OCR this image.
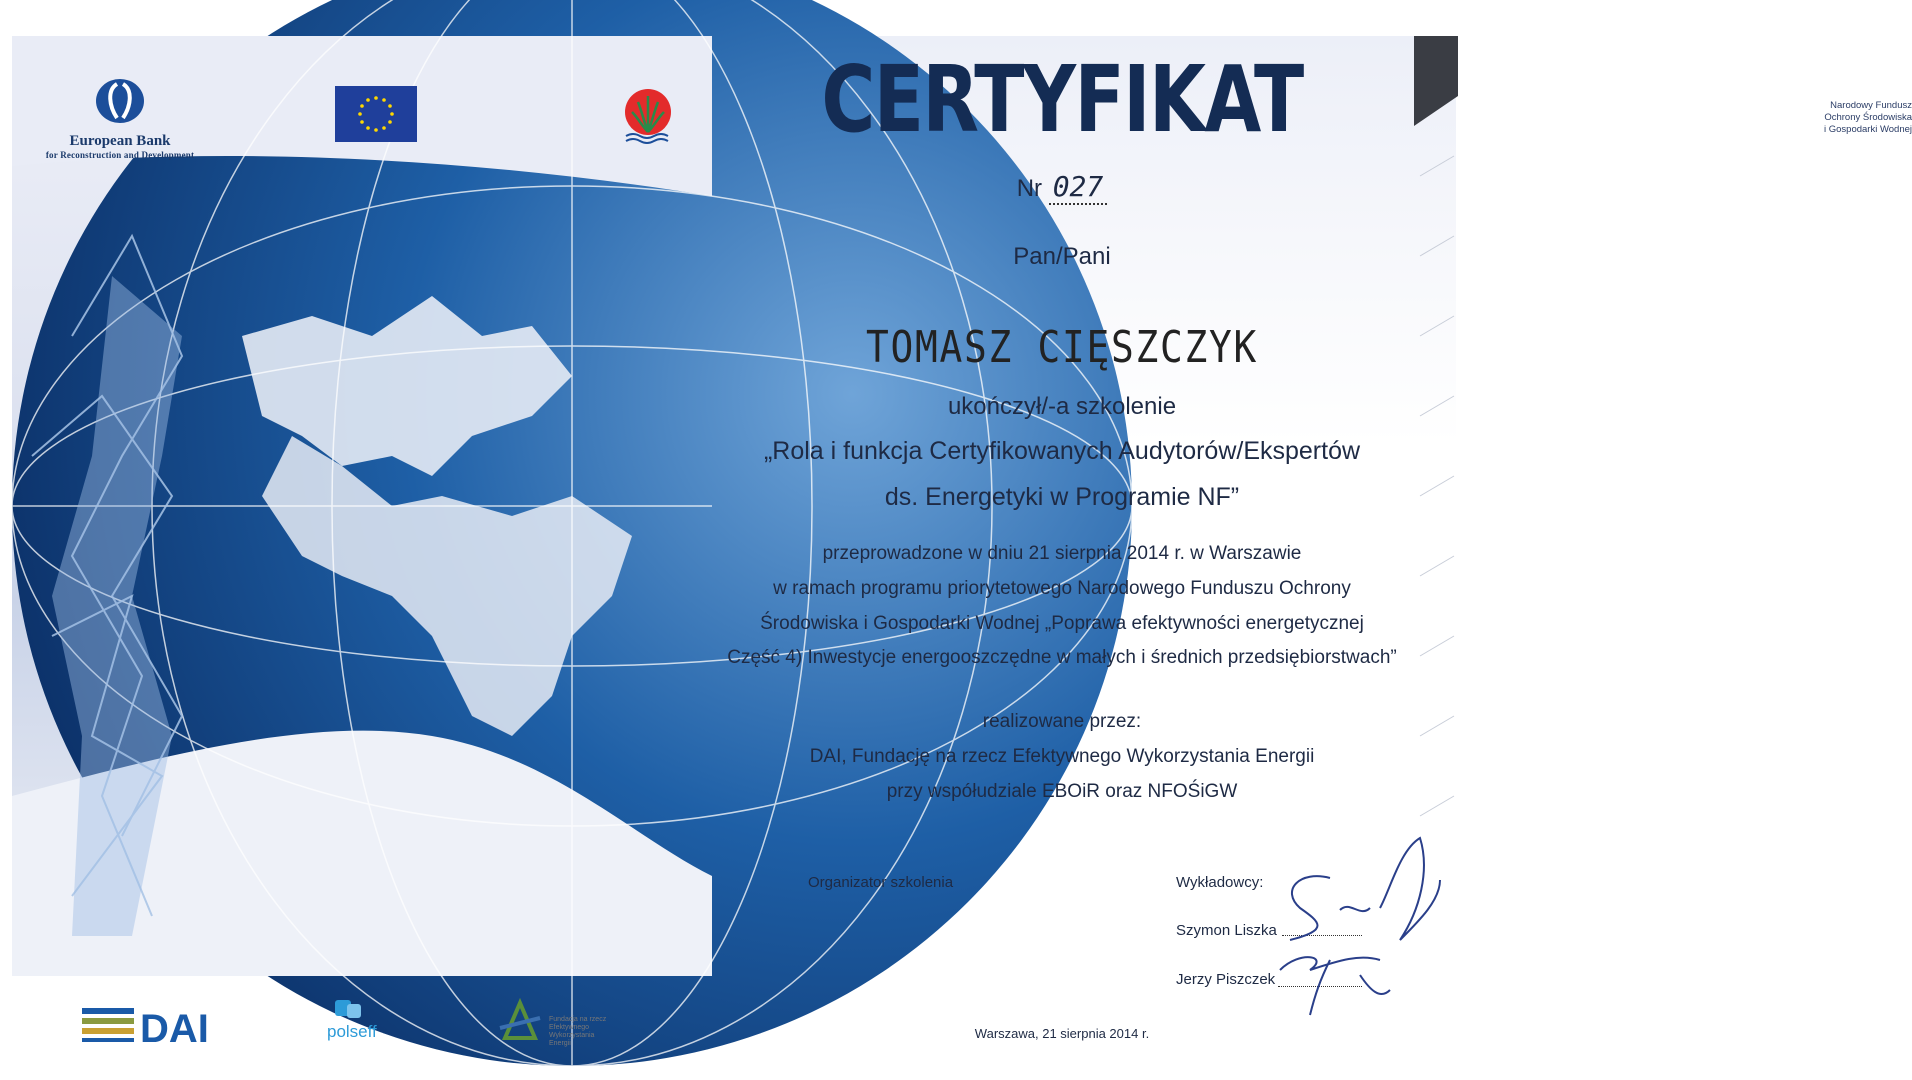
European Bank
for Reconstruction and Development
Narodowy Fundusz
Ochrony Środowiska
i Gospodarki Wodnej
CERTYFIKAT
Nr 027
Pan/Pani
TOMASZ CIĘSZCZYK
ukończył/-a szkolenie
„Rola i funkcja Certyfikowanych Audytorów/Ekspertów
ds. Energetyki w Programie NF”
przeprowadzone w dniu 21 sierpnia 2014 r. w Warszawie
w ramach programu priorytetowego Narodowego Funduszu Ochrony
Środowiska i Gospodarki Wodnej „Poprawa efektywności energetycznej
Część 4) Inwestycje energooszczędne w małych i średnich przedsiębiorstwach”
realizowane przez:
DAI, Fundację na rzecz Efektywnego Wykorzystania Energii
przy współudziale EBOiR oraz NFOŚiGW
Organizator szkolenia	Wykładowcy:
Szymon Liszka
Jerzy Piszczek
Warszawa, 21 sierpnia 2014 r.
DAI	polseff
Fundacja na rzecz
Efektywnego
Wykorzystania
Energii
